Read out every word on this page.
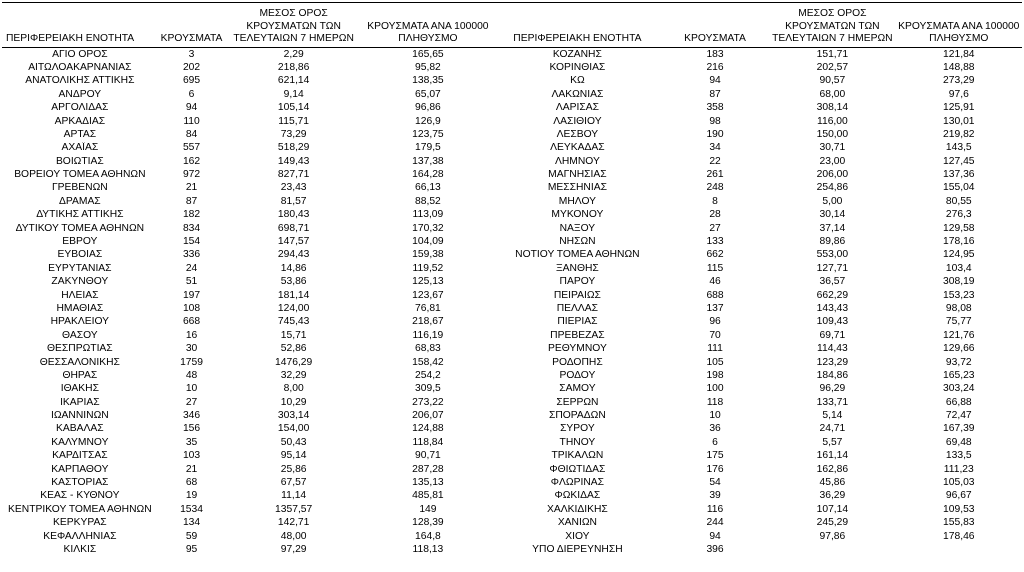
ΠΕΡΙΦΕΡΕΙΑΚΗ ΕΝΟΤΗΤΑ	ΚΡΟΥΣΜΑΤΑ	ΜΕΣΟΣ ΟΡΟΣ ΚΡΟΥΣΜΑΤΩΝ ΤΩΝ ΤΕΛΕΥΤΑΙΩΝ 7 ΗΜΕΡΩΝ	ΚΡΟΥΣΜΑΤΑ ΑΝΑ 100000 ΠΛΗΘΥΣΜΟ	ΠΕΡΙΦΕΡΕΙΑΚΗ ΕΝΟΤΗΤΑ	ΚΡΟΥΣΜΑΤΑ	ΜΕΣΟΣ ΟΡΟΣ ΚΡΟΥΣΜΑΤΩΝ ΤΩΝ ΤΕΛΕΥΤΑΙΩΝ 7 ΗΜΕΡΩΝ	ΚΡΟΥΣΜΑΤΑ ΑΝΑ 100000 ΠΛΗΘΥΣΜΟ
ΑΓΙΟ ΟΡΟΣ	3	2,29	165,65	ΚΟΖΑΝΗΣ	183	151,71	121,84
ΑΙΤΩΛΟΑΚΑΡΝΑΝΙΑΣ	202	218,86	95,82	ΚΟΡΙΝΘΙΑΣ	216	202,57	148,88
ΑΝΑΤΟΛΙΚΗΣ ΑΤΤΙΚΗΣ	695	621,14	138,35	ΚΩ	94	90,57	273,29
ΑΝΔΡΟΥ	6	9,14	65,07	ΛΑΚΩΝΙΑΣ	87	68,00	97,6
ΑΡΓΟΛΙΔΑΣ	94	105,14	96,86	ΛΑΡΙΣΑΣ	358	308,14	125,91
ΑΡΚΑΔΙΑΣ	110	115,71	126,9	ΛΑΣΙΘΙΟΥ	98	116,00	130,01
ΑΡΤΑΣ	84	73,29	123,75	ΛΕΣΒΟΥ	190	150,00	219,82
ΑΧΑΪΑΣ	557	518,29	179,5	ΛΕΥΚΑΔΑΣ	34	30,71	143,5
ΒΟΙΩΤΙΑΣ	162	149,43	137,38	ΛΗΜΝΟΥ	22	23,00	127,45
ΒΟΡΕΙΟΥ ΤΟΜΕΑ ΑΘΗΝΩΝ	972	827,71	164,28	ΜΑΓΝΗΣΙΑΣ	261	206,00	137,36
ΓΡΕΒΕΝΩΝ	21	23,43	66,13	ΜΕΣΣΗΝΙΑΣ	248	254,86	155,04
ΔΡΑΜΑΣ	87	81,57	88,52	ΜΗΛΟΥ	8	5,00	80,55
ΔΥΤΙΚΗΣ ΑΤΤΙΚΗΣ	182	180,43	113,09	ΜΥΚΟΝΟΥ	28	30,14	276,3
ΔΥΤΙΚΟΥ ΤΟΜΕΑ ΑΘΗΝΩΝ	834	698,71	170,32	ΝΑΞΟΥ	27	37,14	129,58
ΕΒΡΟΥ	154	147,57	104,09	ΝΗΣΩΝ	133	89,86	178,16
ΕΥΒΟΙΑΣ	336	294,43	159,38	ΝΟΤΙΟΥ ΤΟΜΕΑ ΑΘΗΝΩΝ	662	553,00	124,95
ΕΥΡΥΤΑΝΙΑΣ	24	14,86	119,52	ΞΑΝΘΗΣ	115	127,71	103,4
ΖΑΚΥΝΘΟΥ	51	53,86	125,13	ΠΑΡΟΥ	46	36,57	308,19
ΗΛΕΙΑΣ	197	181,14	123,67	ΠΕΙΡΑΙΩΣ	688	662,29	153,23
ΗΜΑΘΙΑΣ	108	124,00	76,81	ΠΕΛΛΑΣ	137	143,43	98,08
ΗΡΑΚΛΕΙΟΥ	668	745,43	218,67	ΠΙΕΡΙΑΣ	96	109,43	75,77
ΘΑΣΟΥ	16	15,71	116,19	ΠΡΕΒΕΖΑΣ	70	69,71	121,76
ΘΕΣΠΡΩΤΙΑΣ	30	52,86	68,83	ΡΕΘΥΜΝΟΥ	111	114,43	129,66
ΘΕΣΣΑΛΟΝΙΚΗΣ	1759	1476,29	158,42	ΡΟΔΟΠΗΣ	105	123,29	93,72
ΘΗΡΑΣ	48	32,29	254,2	ΡΟΔΟΥ	198	184,86	165,23
ΙΘΑΚΗΣ	10	8,00	309,5	ΣΑΜΟΥ	100	96,29	303,24
ΙΚΑΡΙΑΣ	27	10,29	273,22	ΣΕΡΡΩΝ	118	133,71	66,88
ΙΩΑΝΝΙΝΩΝ	346	303,14	206,07	ΣΠΟΡΑΔΩΝ	10	5,14	72,47
ΚΑΒΑΛΑΣ	156	154,00	124,88	ΣΥΡΟΥ	36	24,71	167,39
ΚΑΛΥΜΝΟΥ	35	50,43	118,84	ΤΗΝΟΥ	6	5,57	69,48
ΚΑΡΔΙΤΣΑΣ	103	95,14	90,71	ΤΡΙΚΑΛΩΝ	175	161,14	133,5
ΚΑΡΠΑΘΟΥ	21	25,86	287,28	ΦΘΙΩΤΙΔΑΣ	176	162,86	111,23
ΚΑΣΤΟΡΙΑΣ	68	67,57	135,13	ΦΛΩΡΙΝΑΣ	54	45,86	105,03
ΚΕΑΣ - ΚΥΘΝΟΥ	19	11,14	485,81	ΦΩΚΙΔΑΣ	39	36,29	96,67
ΚΕΝΤΡΙΚΟΥ ΤΟΜΕΑ ΑΘΗΝΩΝ	1534	1357,57	149	ΧΑΛΚΙΔΙΚΗΣ	116	107,14	109,53
ΚΕΡΚΥΡΑΣ	134	142,71	128,39	ΧΑΝΙΩΝ	244	245,29	155,83
ΚΕΦΑΛΛΗΝΙΑΣ	59	48,00	164,8	ΧΙΟΥ	94	97,86	178,46
ΚΙΛΚΙΣ	95	97,29	118,13	ΥΠΟ ΔΙΕΡΕΥΝΗΣΗ	396		
